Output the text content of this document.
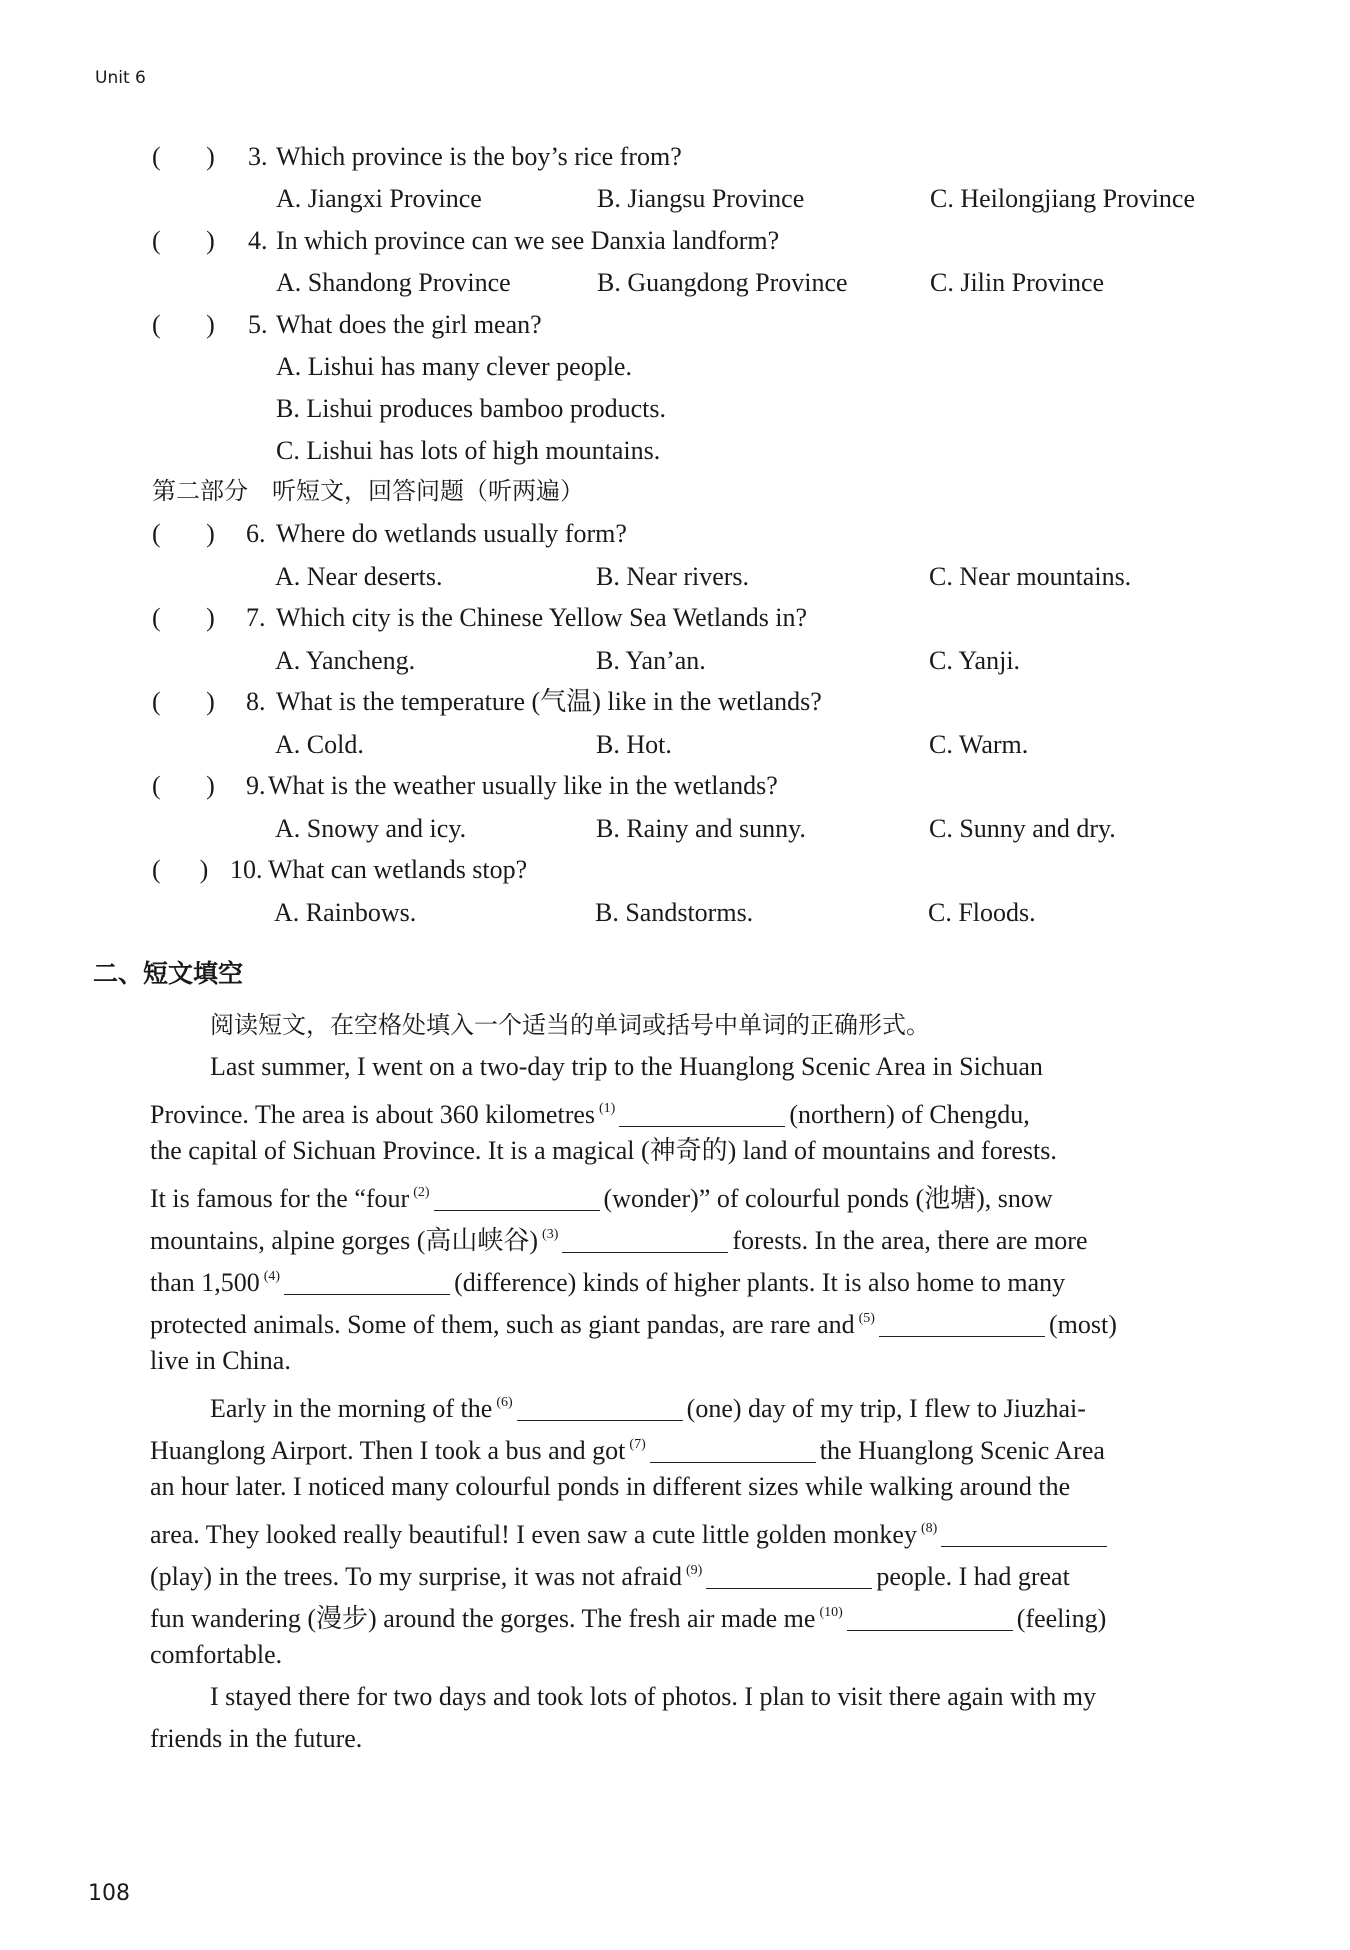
Unit 6
(       ) 3. Which province is the boy’s rice from?
A. Jiangxi Province	B. Jiangsu Province	C. Heilongjiang Province
(       ) 4. In which province can we see Danxia landform?
A. Shandong Province	B. Guangdong Province	C. Jilin Province
(       ) 5. What does the girl mean?
A. Lishui has many clever people.
B. Lishui produces bamboo products.
C. Lishui has lots of high mountains.
第二部分　听短文，回答问题（听两遍）
(       ) 6. Where do wetlands usually form?
A. Near deserts.	B. Near rivers.	C. Near mountains.
(       ) 7. Which city is the Chinese Yellow Sea Wetlands in?
A. Yancheng.	B. Yan’an.	C. Yanji.
(       ) 8. What is the temperature (气温) like in the wetlands?
A. Cold.	B. Hot.	C. Warm.
(       ) 9. What is the weather usually like in the wetlands?
A. Snowy and icy.	B. Rainy and sunny.	C. Sunny and dry.
(      ) 10. What can wetlands stop?
A. Rainbows.	B. Sandstorms.	C. Floods.
二、短文填空
阅读短文，在空格处填入一个适当的单词或括号中单词的正确形式。
Last summer, I went on a two-day trip to the Huanglong Scenic Area in Sichuan
Province. The area is about 360 kilometres $^{(1)}$	(northern) of Chengdu,
the capital of Sichuan Province. It is a magical (神奇的) land of mountains and forests.
It is famous for the “four $^{(2)}$	(wonder)” of colourful ponds (池塘), snow
mountains, alpine gorges (高山峡谷) $^{(3)}$	forests. In the area, there are more
than 1,500 $^{(4)}$	(difference) kinds of higher plants. It is also home to many
protected animals. Some of them, such as giant pandas, are rare and $^{(5)}$	(most)
live in China.
Early in the morning of the $^{(6)}$	(one) day of my trip, I flew to Jiuzhai-
Huanglong Airport. Then I took a bus and got $^{(7)}$	the Huanglong Scenic Area
an hour later. I noticed many colourful ponds in different sizes while walking around the
area. They looked really beautiful! I even saw a cute little golden monkey $^{(8)}$
(play) in the trees. To my surprise, it was not afraid $^{(9)}$	people. I had great
fun wandering (漫步) around the gorges. The fresh air made me $^{(10)}$	(feeling)
comfortable.
I stayed there for two days and took lots of photos. I plan to visit there again with my
friends in the future.
108
